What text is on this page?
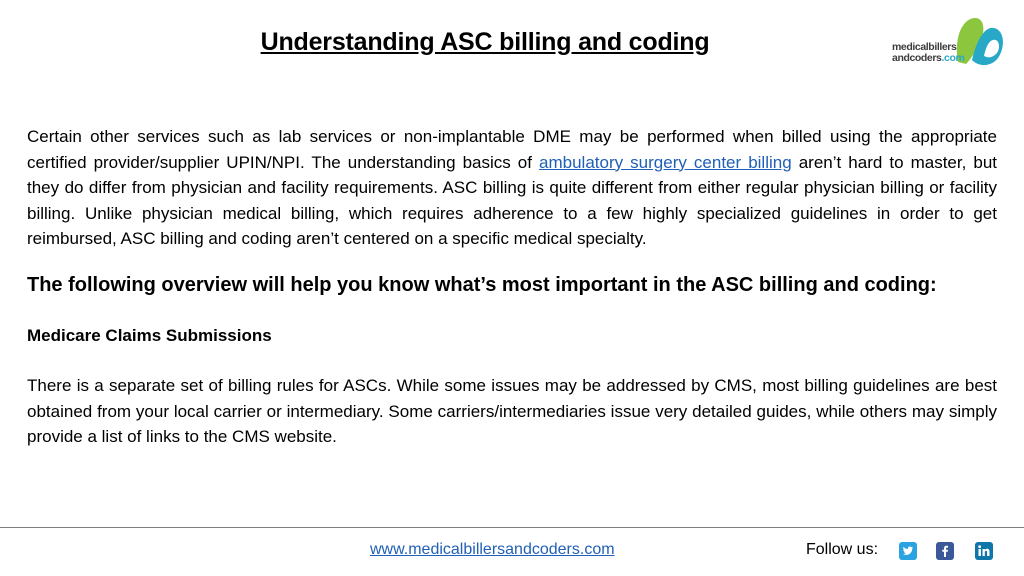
Understanding ASC billing and coding	medicalbillers
andcoders.com

Certain other services such as lab services or non-implantable DME may be performed when billed using the appropriate certified provider/supplier UPIN/NPI. The understanding basics of ambulatory surgery center billing aren’t hard to master, but they do differ from physician and facility requirements. ASC billing is quite different from either regular physician billing or facility billing. Unlike physician medical billing, which requires adherence to a few highly specialized guidelines in order to get reimbursed, ASC billing and coding aren’t centered on a specific medical specialty.

The following overview will help you know what’s most important in the ASC billing and coding:

Medicare Claims Submissions

There is a separate set of billing rules for ASCs. While some issues may be addressed by CMS, most billing guidelines are best obtained from your local carrier or intermediary. Some carriers/intermediaries issue very detailed guides, while others may simply provide a list of links to the CMS website.

www.medicalbillersandcoders.com	Follow us:
